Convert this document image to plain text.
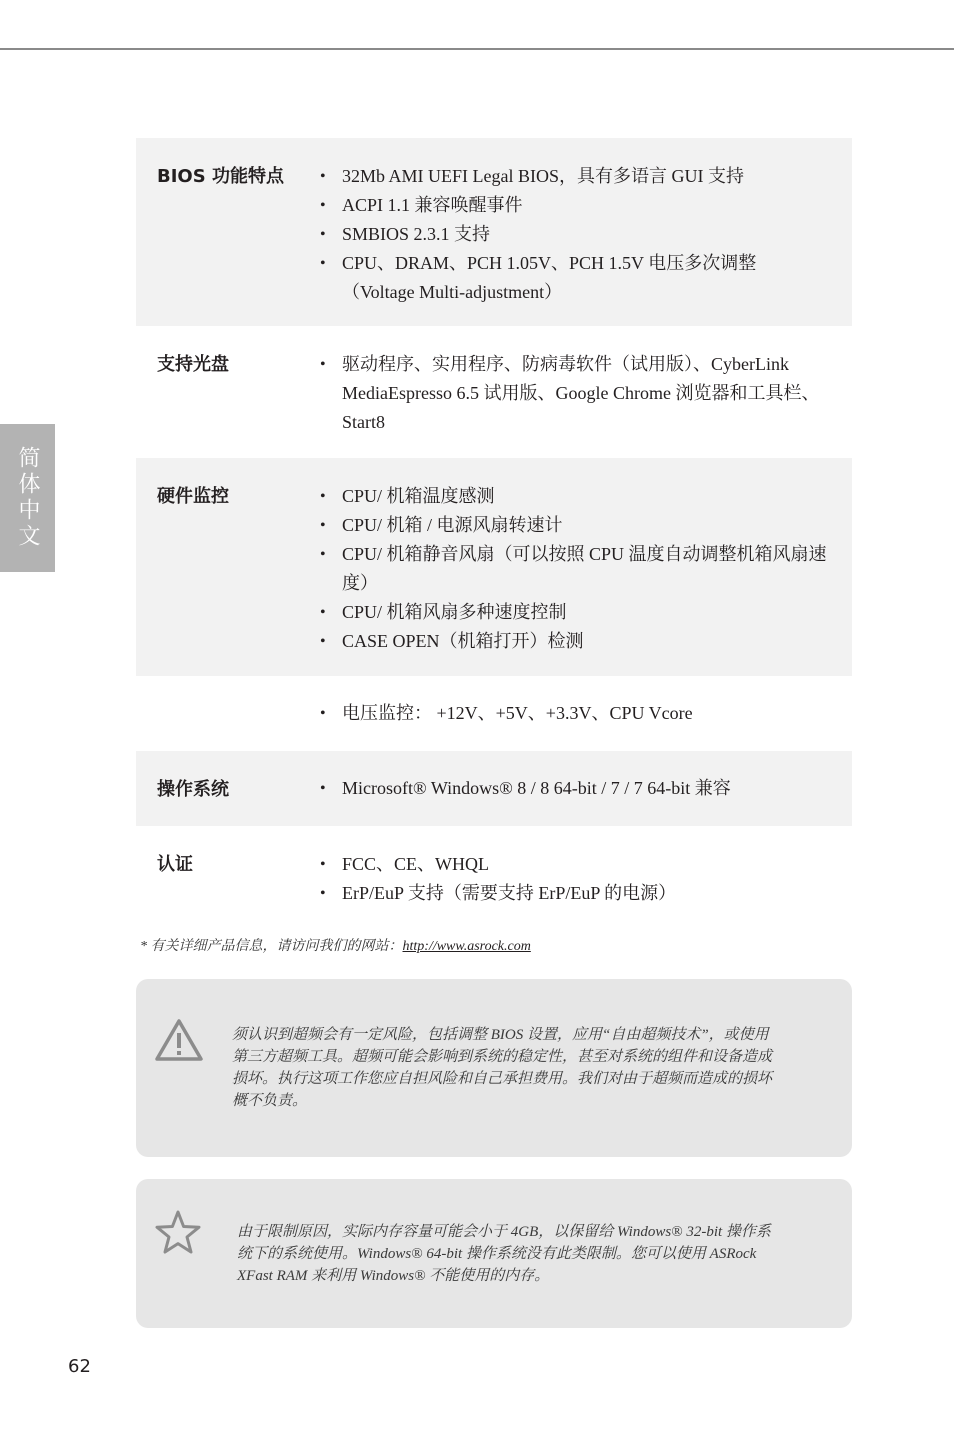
简体中文
BIOS 功能特点	• 32Mb AMI UEFI Legal BIOS，具有多语言 GUI 支持
• ACPI 1.1 兼容唤醒事件
• SMBIOS 2.3.1 支持
• CPU、DRAM、PCH 1.05V、PCH 1.5V 电压多次调整（Voltage Multi-adjustment）
支持光盘	• 驱动程序、实用程序、防病毒软件（试用版）、CyberLink MediaEspresso 6.5 试用版、Google Chrome 浏览器和工具栏、Start8
硬件监控	• CPU/ 机箱温度感测
• CPU/ 机箱 / 电源风扇转速计
• CPU/ 机箱静音风扇（可以按照 CPU 温度自动调整机箱风扇速度）
• CPU/ 机箱风扇多种速度控制
• CASE OPEN（机箱打开）检测
• 电压监控： +12V、+5V、+3.3V、CPU Vcore
操作系统	• Microsoft® Windows® 8 / 8 64-bit / 7 / 7 64-bit 兼容
认证	• FCC、CE、WHQL
• ErP/EuP 支持（需要支持 ErP/EuP 的电源）
* 有关详细产品信息，请访问我们的网站：http://www.asrock.com
须认识到超频会有一定风险，包括调整 BIOS 设置，应用“自由超频技术”，或使用第三方超频工具。超频可能会影响到系统的稳定性，甚至对系统的组件和设备造成损坏。执行这项工作您应自担风险和自己承担费用。我们对由于超频而造成的损坏概不负责。
由于限制原因，实际内存容量可能会小于 4GB，以保留给 Windows® 32-bit 操作系统下的系统使用。Windows® 64-bit 操作系统没有此类限制。您可以使用 ASRock XFast RAM 来利用 Windows® 不能使用的内存。
62
